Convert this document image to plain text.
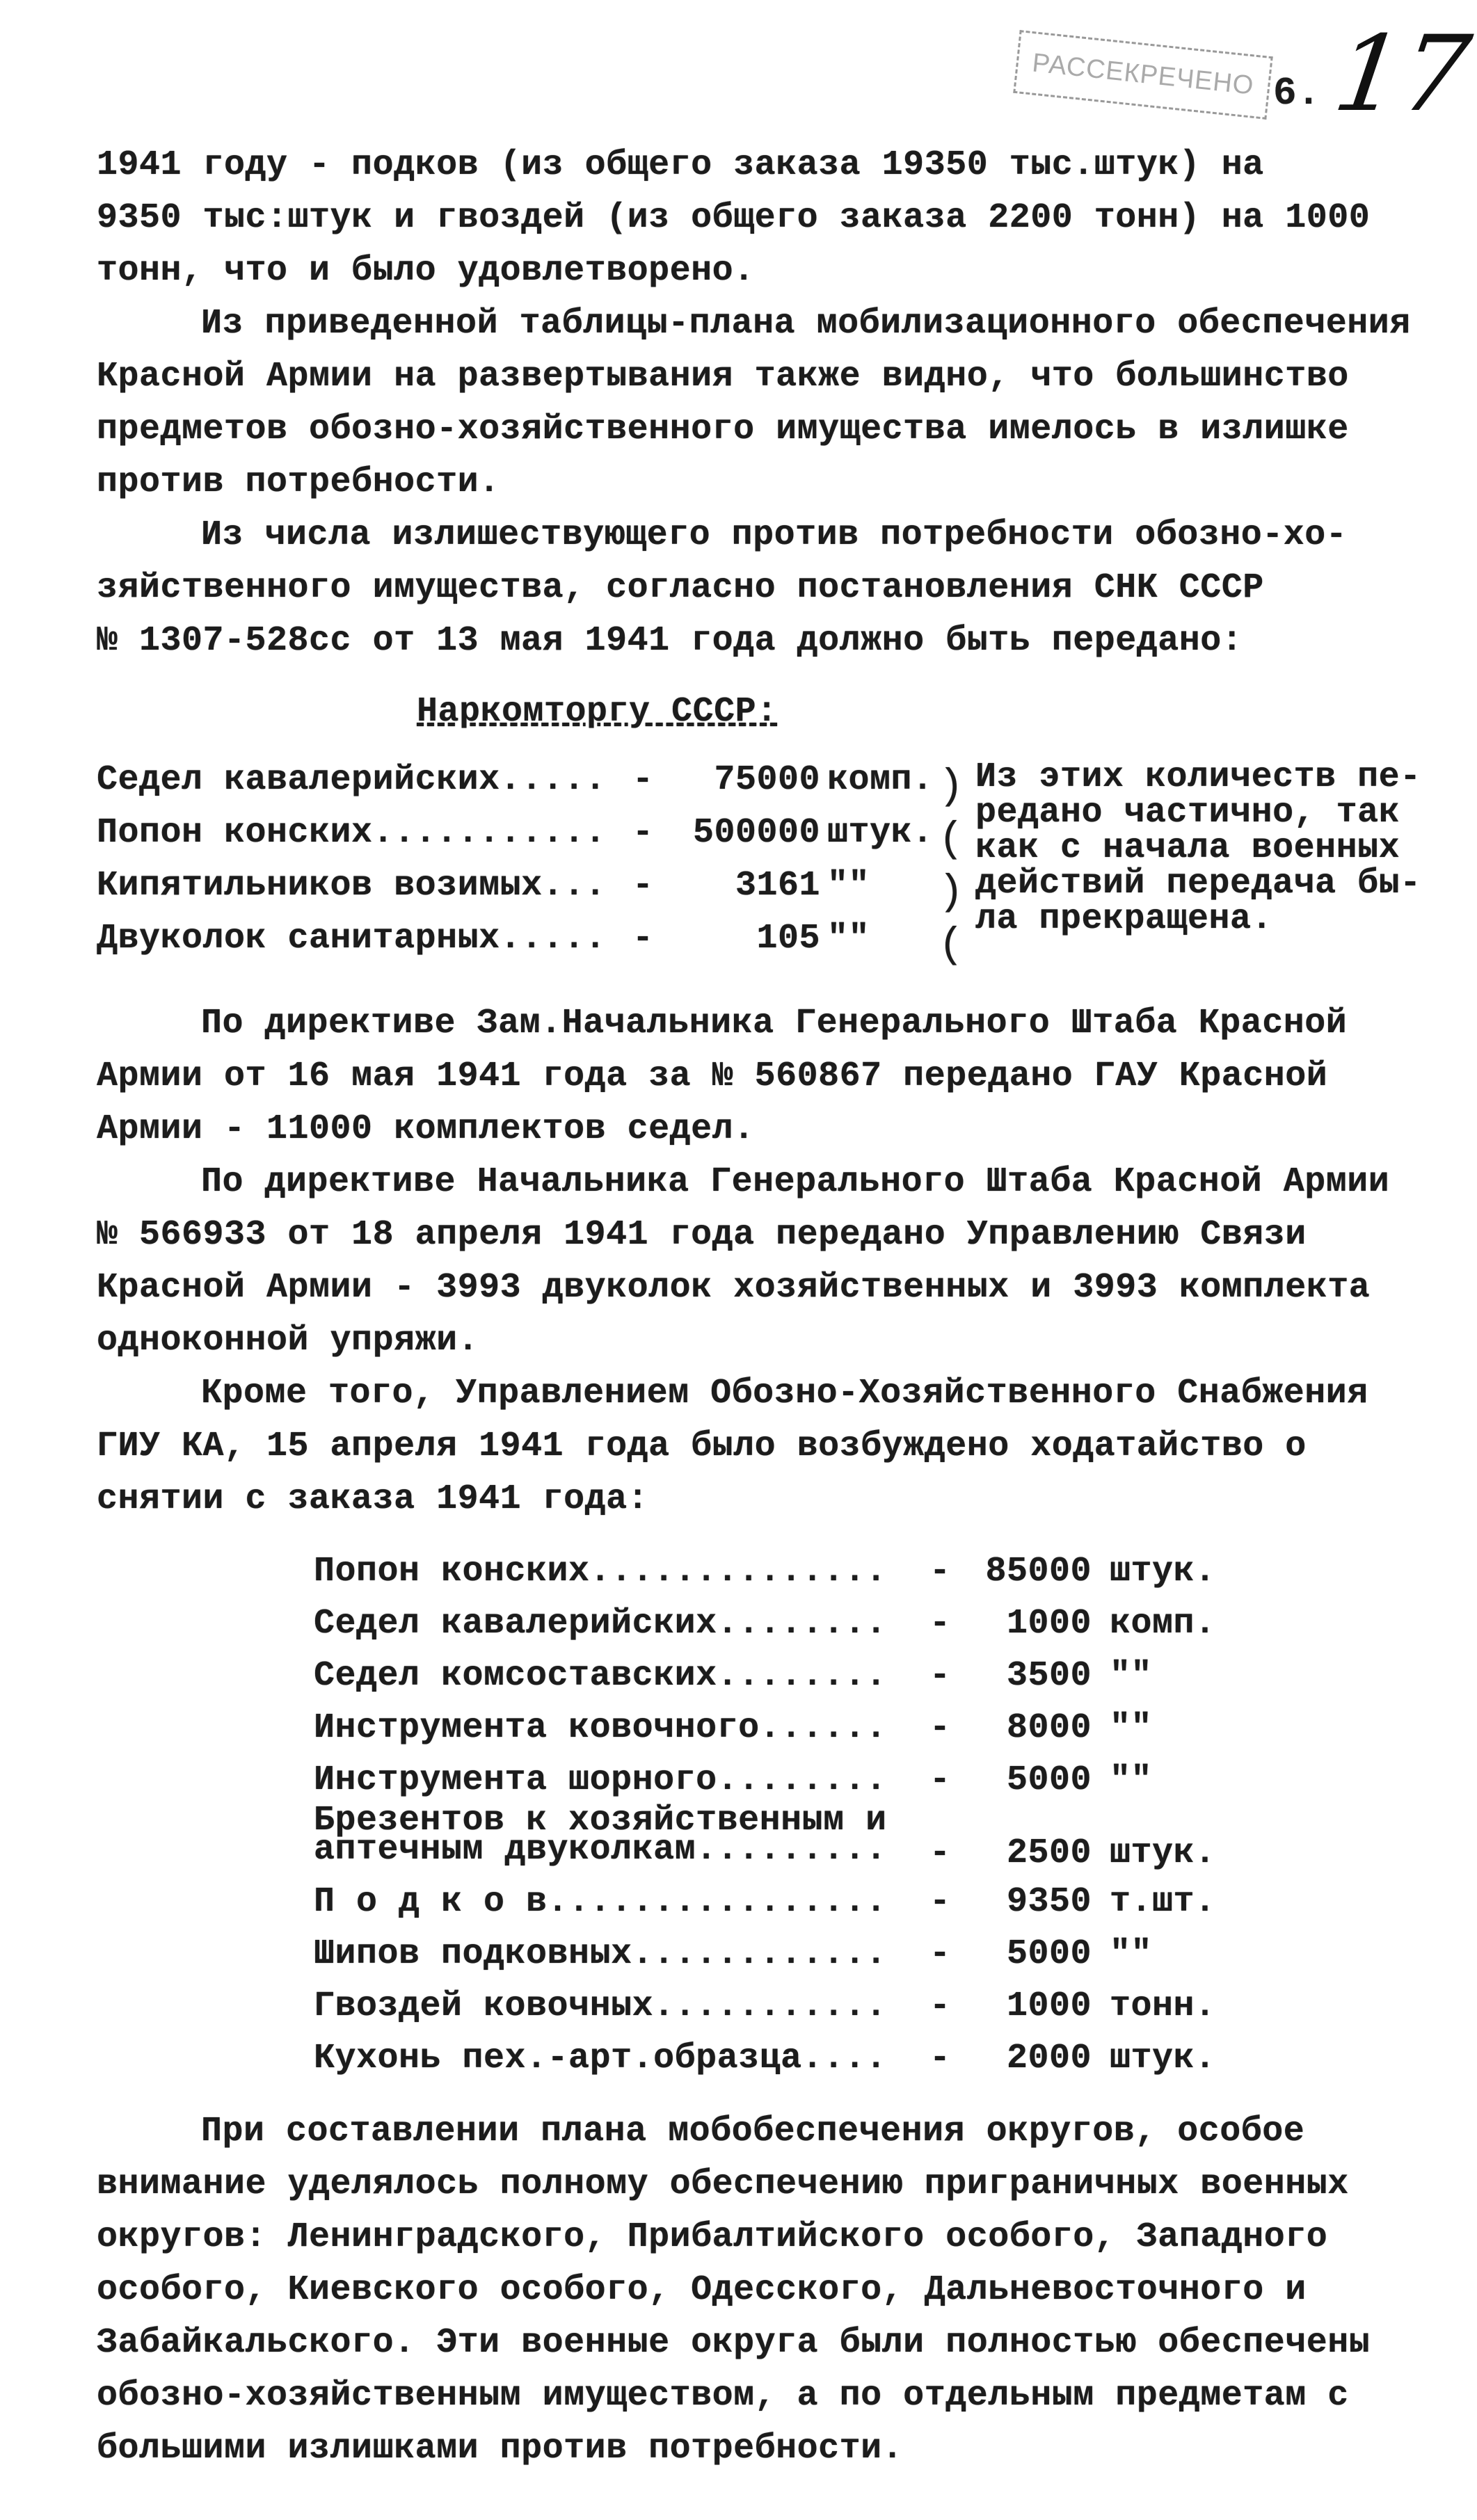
РАССЕКРЕЧЕНО 6. 17
1941 году - подков (из общего заказа 19350 тыс.штук) на
9350 тыс:штук и гвоздей (из общего заказа 2200 тонн) на 1000
тонн, что и было удовлетворено.
Из приведенной таблицы-плана мобилизационного обеспечения
Красной Армии на развертывания также видно, что большинство
предметов обозно-хозяйственного имущества имелось в излишке
против потребности.
Из числа излишествующего против потребности обозно-хо-
зяйственного имущества, согласно постановления СНК СССР
№ 1307-528сс от 13 мая 1941 года должно быть передано:
Наркомторгу СССР:

)
(
)
(

Из этих количеств пе-
редано частично, так
как с начала военных
действий передача бы-
ла прекращена.

Седел кавалерийских..... -	75000 комп.
Попон конских........... -	500000 штук.
Кипятильников возимых... -	3161 ""
Двуколок санитарных..... -	105 ""
По директиве Зам.Начальника Генерального Штаба Красной
Армии от 16 мая 1941 года за № 560867 передано ГАУ Красной
Армии - 11000 комплектов седел.
По директиве Начальника Генерального Штаба Красной Армии
№ 566933 от 18 апреля 1941 года передано Управлению Связи
Красной Армии - 3993 двуколок хозяйственных и 3993 комплекта
одноконной упряжи.
Кроме того, Управлением Обозно-Хозяйственного Снабжения
ГИУ КА, 15 апреля 1941 года было возбуждено ходатайство о
снятии с заказа 1941 года:
Попон конских.............. - 85000 штук.
Седел кавалерийских........ -	1000 комп.
Седел комсоставских........ -	3500 ""
Инструмента ковочного...... -	8000 ""
Инструмента шорного........ -	5000 ""
Брезентов к хозяйственным и
аптечным двуколкам......... -	2500 штук.
П о д к о в................ -	9350 т.шт.
Шипов подковных............ -	5000 ""
Гвоздей ковочных........... -	1000 тонн.
Кухонь пех.-арт.образца.... -	2000 штук.
При составлении плана мобобеспечения округов, особое
внимание уделялось полному обеспечению приграничных военных
округов: Ленинградского, Прибалтийского особого, Западного
особого, Киевского особого, Одесского, Дальневосточного и
Забайкальского. Эти военные округа были полностью обеспечены
обозно-хозяйственным имуществом, а по отдельным предметам с
большими излишками против потребности.
